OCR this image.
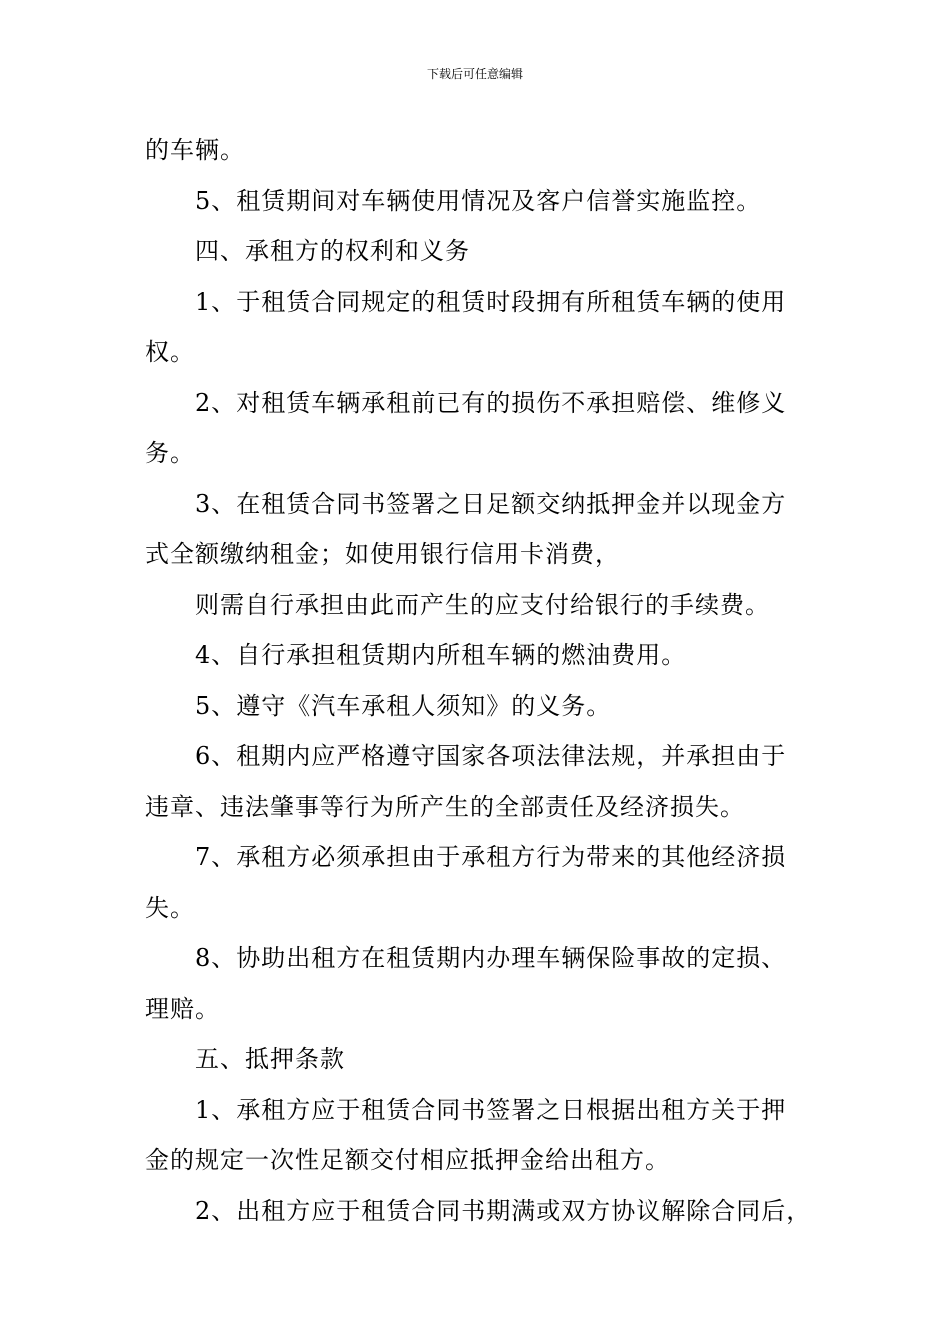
下载后可任意编辑
的车辆。
5、租赁期间对车辆使用情况及客户信誉实施监控。
四、承租方的权利和义务
1、于租赁合同规定的租赁时段拥有所租赁车辆的使用
权。
2、对租赁车辆承租前已有的损伤不承担赔偿、维修义
务。
3、在租赁合同书签署之日足额交纳抵押金并以现金方
式全额缴纳租金；如使用银行信用卡消费，
则需自行承担由此而产生的应支付给银行的手续费。
4、自行承担租赁期内所租车辆的燃油费用。
5、遵守《汽车承租人须知》的义务。
6、租期内应严格遵守国家各项法律法规，并承担由于
违章、违法肇事等行为所产生的全部责任及经济损失。
7、承租方必须承担由于承租方行为带来的其他经济损
失。
8、协助出租方在租赁期内办理车辆保险事故的定损、
理赔。
五、抵押条款
1、承租方应于租赁合同书签署之日根据出租方关于押
金的规定一次性足额交付相应抵押金给出租方。
2、出租方应于租赁合同书期满或双方协议解除合同后，
